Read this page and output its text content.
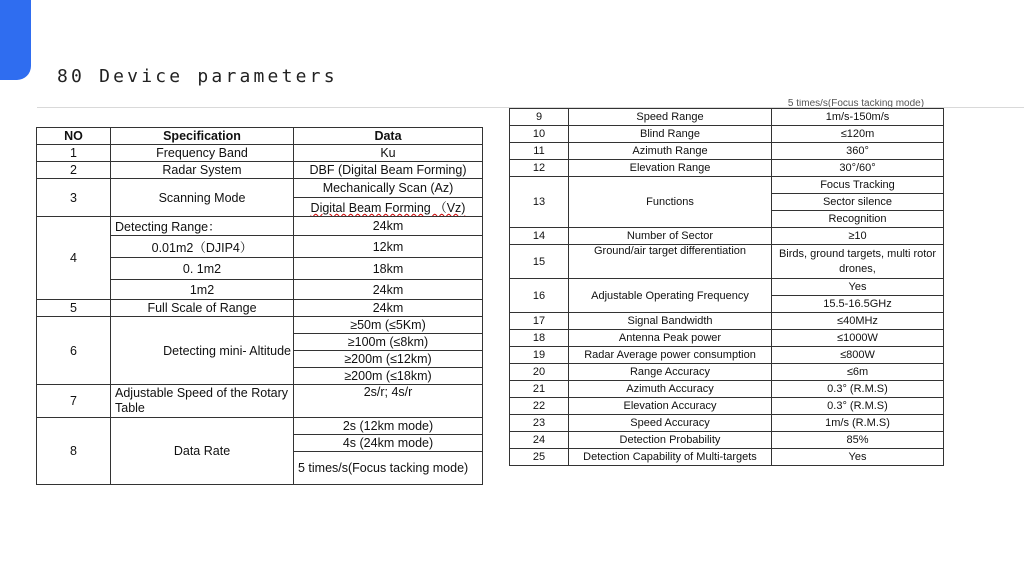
80 Device parameters
NO	Specification	Data
1	Frequency Band	Ku
2	Radar System	DBF (Digital Beam Forming)
3	Scanning Mode	Mechanically Scan (Az)
		Digital Beam Forming （Vz)
4	Detecting Range：	24km
	0.01m2（DJIP4）	12km
	0. 1m2	18km
	1m2	24km
5	Full Scale of Range	24km
6	Detecting mini- Altitude	≥50m (≤5Km)
		≥100m (≤8km)
		≥200m (≤12km)
		≥200m (≤18km)
7	Adjustable Speed of the Rotary Table	2s/r; 4s/r
8	Data Rate	2s (12km mode)
		4s (24km mode)
		5 times/s(Focus tacking mode)
5 times/s(Focus tacking mode)
9	Speed Range	1m/s-150m/s
10	Blind Range	≤120m
11	Azimuth Range	360°
12	Elevation Range	30°/60°
13	Functions	Focus Tracking
		Sector silence
		Recognition
14	Number of Sector	≥10
15	Ground/air target differentiation	Birds, ground targets, multi rotor drones,
16	Adjustable Operating Frequency	Yes
		15.5-16.5GHz
17	Signal Bandwidth	≤40MHz
18	Antenna Peak power	≤1000W
19	Radar Average power consumption	≤800W
20	Range Accuracy	≤6m
21	Azimuth Accuracy	0.3° (R.M.S)
22	Elevation Accuracy	0.3° (R.M.S)
23	Speed Accuracy	1m/s (R.M.S)
24	Detection Probability	85%
25	Detection Capability of Multi-targets	Yes
